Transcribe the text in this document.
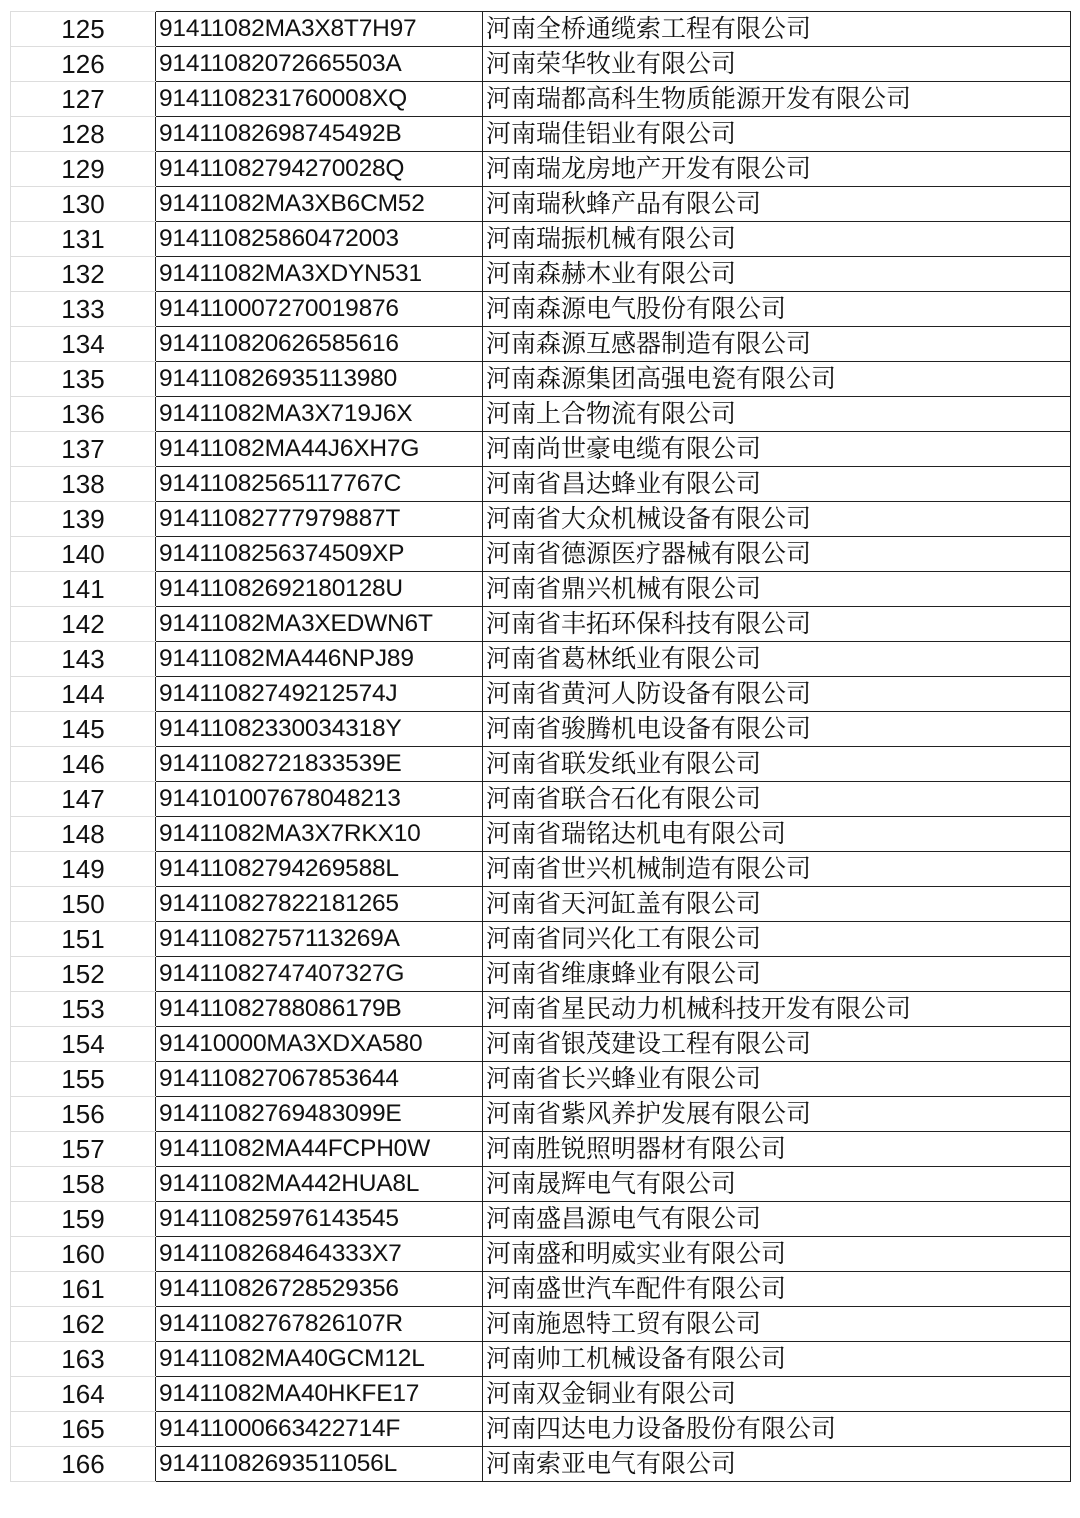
125	91411082MA3X8T7H97	河南全桥通缆索工程有限公司
126	91411082072665503A	河南荣华牧业有限公司
127	9141108231760008XQ	河南瑞都高科生物质能源开发有限公司
128	91411082698745492B	河南瑞佳铝业有限公司
129	91411082794270028Q	河南瑞龙房地产开发有限公司
130	91411082MA3XB6CM52	河南瑞秋蜂产品有限公司
131	914110825860472003	河南瑞振机械有限公司
132	91411082MA3XDYN531	河南森赫木业有限公司
133	914110007270019876	河南森源电气股份有限公司
134	914110820626585616	河南森源互感器制造有限公司
135	914110826935113980	河南森源集团高强电瓷有限公司
136	91411082MA3X719J6X	河南上合物流有限公司
137	91411082MA44J6XH7G	河南尚世豪电缆有限公司
138	91411082565117767C	河南省昌达蜂业有限公司
139	91411082777979887T	河南省大众机械设备有限公司
140	9141108256374509XP	河南省德源医疗器械有限公司
141	91411082692180128U	河南省鼎兴机械有限公司
142	91411082MA3XEDWN6T	河南省丰拓环保科技有限公司
143	91411082MA446NPJ89	河南省葛林纸业有限公司
144	91411082749212574J	河南省黄河人防设备有限公司
145	91411082330034318Y	河南省骏腾机电设备有限公司
146	91411082721833539E	河南省联发纸业有限公司
147	914101007678048213	河南省联合石化有限公司
148	91411082MA3X7RKX10	河南省瑞铭达机电有限公司
149	91411082794269588L	河南省世兴机械制造有限公司
150	914110827822181265	河南省天河缸盖有限公司
151	91411082757113269A	河南省同兴化工有限公司
152	91411082747407327G	河南省维康蜂业有限公司
153	91411082788086179B	河南省星民动力机械科技开发有限公司
154	91410000MA3XDXA580	河南省银茂建设工程有限公司
155	914110827067853644	河南省长兴蜂业有限公司
156	91411082769483099E	河南省紫风养护发展有限公司
157	91411082MA44FCPH0W	河南胜锐照明器材有限公司
158	91411082MA442HUA8L	河南晟辉电气有限公司
159	914110825976143545	河南盛昌源电气有限公司
160	9141108268464333X7	河南盛和明威实业有限公司
161	914110826728529356	河南盛世汽车配件有限公司
162	91411082767826107R	河南施恩特工贸有限公司
163	91411082MA40GCM12L	河南帅工机械设备有限公司
164	91411082MA40HKFE17	河南双金铜业有限公司
165	91411000663422714F	河南四达电力设备股份有限公司
166	91411082693511056L	河南索亚电气有限公司
